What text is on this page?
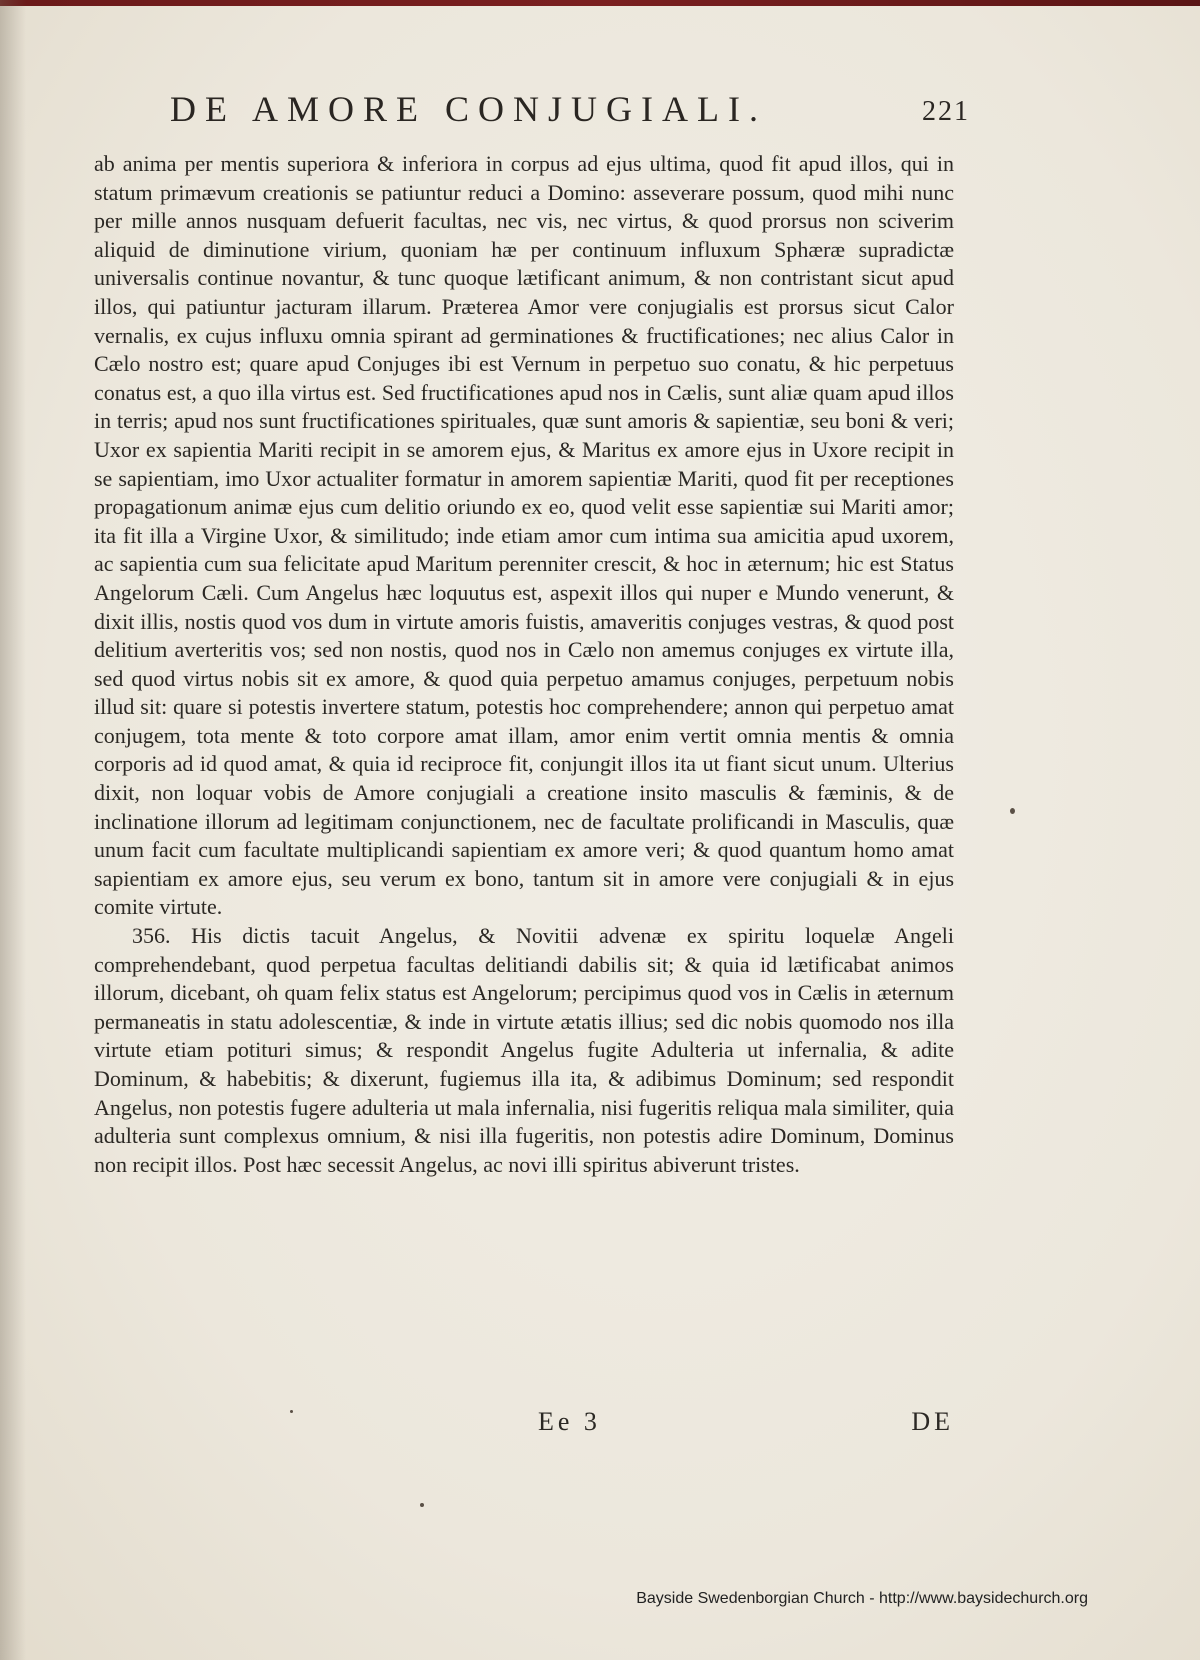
DE AMORE CONJUGIALI.	221

ab anima per mentis superiora & inferiora in corpus ad ejus ultima, quod fit apud illos, qui in statum primævum creationis se patiuntur reduci a Domino: asseverare possum, quod mihi nunc per mille annos nusquam defuerit facultas, nec vis, nec virtus, & quod prorsus non sciverim aliquid de diminutione virium, quoniam hæ per continuum influxum Sphæræ supradictæ universalis continue novantur, & tunc quoque lætificant animum, & non contristant sicut apud illos, qui patiuntur jacturam illarum. Præterea Amor vere conjugialis est prorsus sicut Calor vernalis, ex cujus influxu omnia spirant ad germinationes & fructificationes; nec alius Calor in Cælo nostro est; quare apud Conjuges ibi est Vernum in perpetuo suo conatu, & hic perpetuus conatus est, a quo illa virtus est. Sed fructificationes apud nos in Cælis, sunt aliæ quam apud illos in terris; apud nos sunt fructificationes spirituales, quæ sunt amoris & sapientiæ, seu boni & veri; Uxor ex sapientia Mariti recipit in se amorem ejus, & Maritus ex amore ejus in Uxore recipit in se sapientiam, imo Uxor actualiter formatur in amorem sapientiæ Mariti, quod fit per receptiones propagationum animæ ejus cum delitio oriundo ex eo, quod velit esse sapientiæ sui Mariti amor; ita fit illa a Virgine Uxor, & similitudo; inde etiam amor cum intima sua amicitia apud uxorem, ac sapientia cum sua felicitate apud Maritum perenniter crescit, & hoc in æternum; hic est Status Angelorum Cæli. Cum Angelus hæc loquutus est, aspexit illos qui nuper e Mundo venerunt, & dixit illis, nostis quod vos dum in virtute amoris fuistis, amaveritis conjuges vestras, & quod post delitium averteritis vos; sed non nostis, quod nos in Cælo non amemus conjuges ex virtute illa, sed quod virtus nobis sit ex amore, & quod quia perpetuo amamus conjuges, perpetuum nobis illud sit: quare si potestis invertere statum, potestis hoc comprehendere; annon qui perpetuo amat conjugem, tota mente & toto corpore amat illam, amor enim vertit omnia mentis & omnia corporis ad id quod amat, & quia id reciproce fit, conjungit illos ita ut fiant sicut unum. Ulterius dixit, non loquar vobis de Amore conjugiali a creatione insito masculis & fæminis, & de inclinatione illorum ad legitimam conjunctionem, nec de facultate prolificandi in Masculis, quæ unum facit cum facultate multiplicandi sapientiam ex amore veri; & quod quantum homo amat sapientiam ex amore ejus, seu verum ex bono, tantum sit in amore vere conjugiali & in ejus comite virtute.

356. His dictis tacuit Angelus, & Novitii advenæ ex spiritu loquelæ Angeli comprehendebant, quod perpetua facultas delitiandi dabilis sit; & quia id lætificabat animos illorum, dicebant, oh quam felix status est Angelorum; percipimus quod vos in Cælis in æternum permaneatis in statu adolescentiæ, & inde in virtute ætatis illius; sed dic nobis quomodo nos illa virtute etiam potituri simus; & respondit Angelus fugite Adulteria ut infernalia, & adite Dominum, & habebitis; & dixerunt, fugiemus illa ita, & adibimus Dominum; sed respondit Angelus, non potestis fugere adulteria ut mala infernalia, nisi fugeritis reliqua mala similiter, quia adulteria sunt complexus omnium, & nisi illa fugeritis, non potestis adire Dominum, Dominus non recipit illos. Post hæc secessit Angelus, ac novi illi spiritus abiverunt tristes.

Ee 3	DE
Bayside Swedenborgian Church - http://www.baysidechurch.org
